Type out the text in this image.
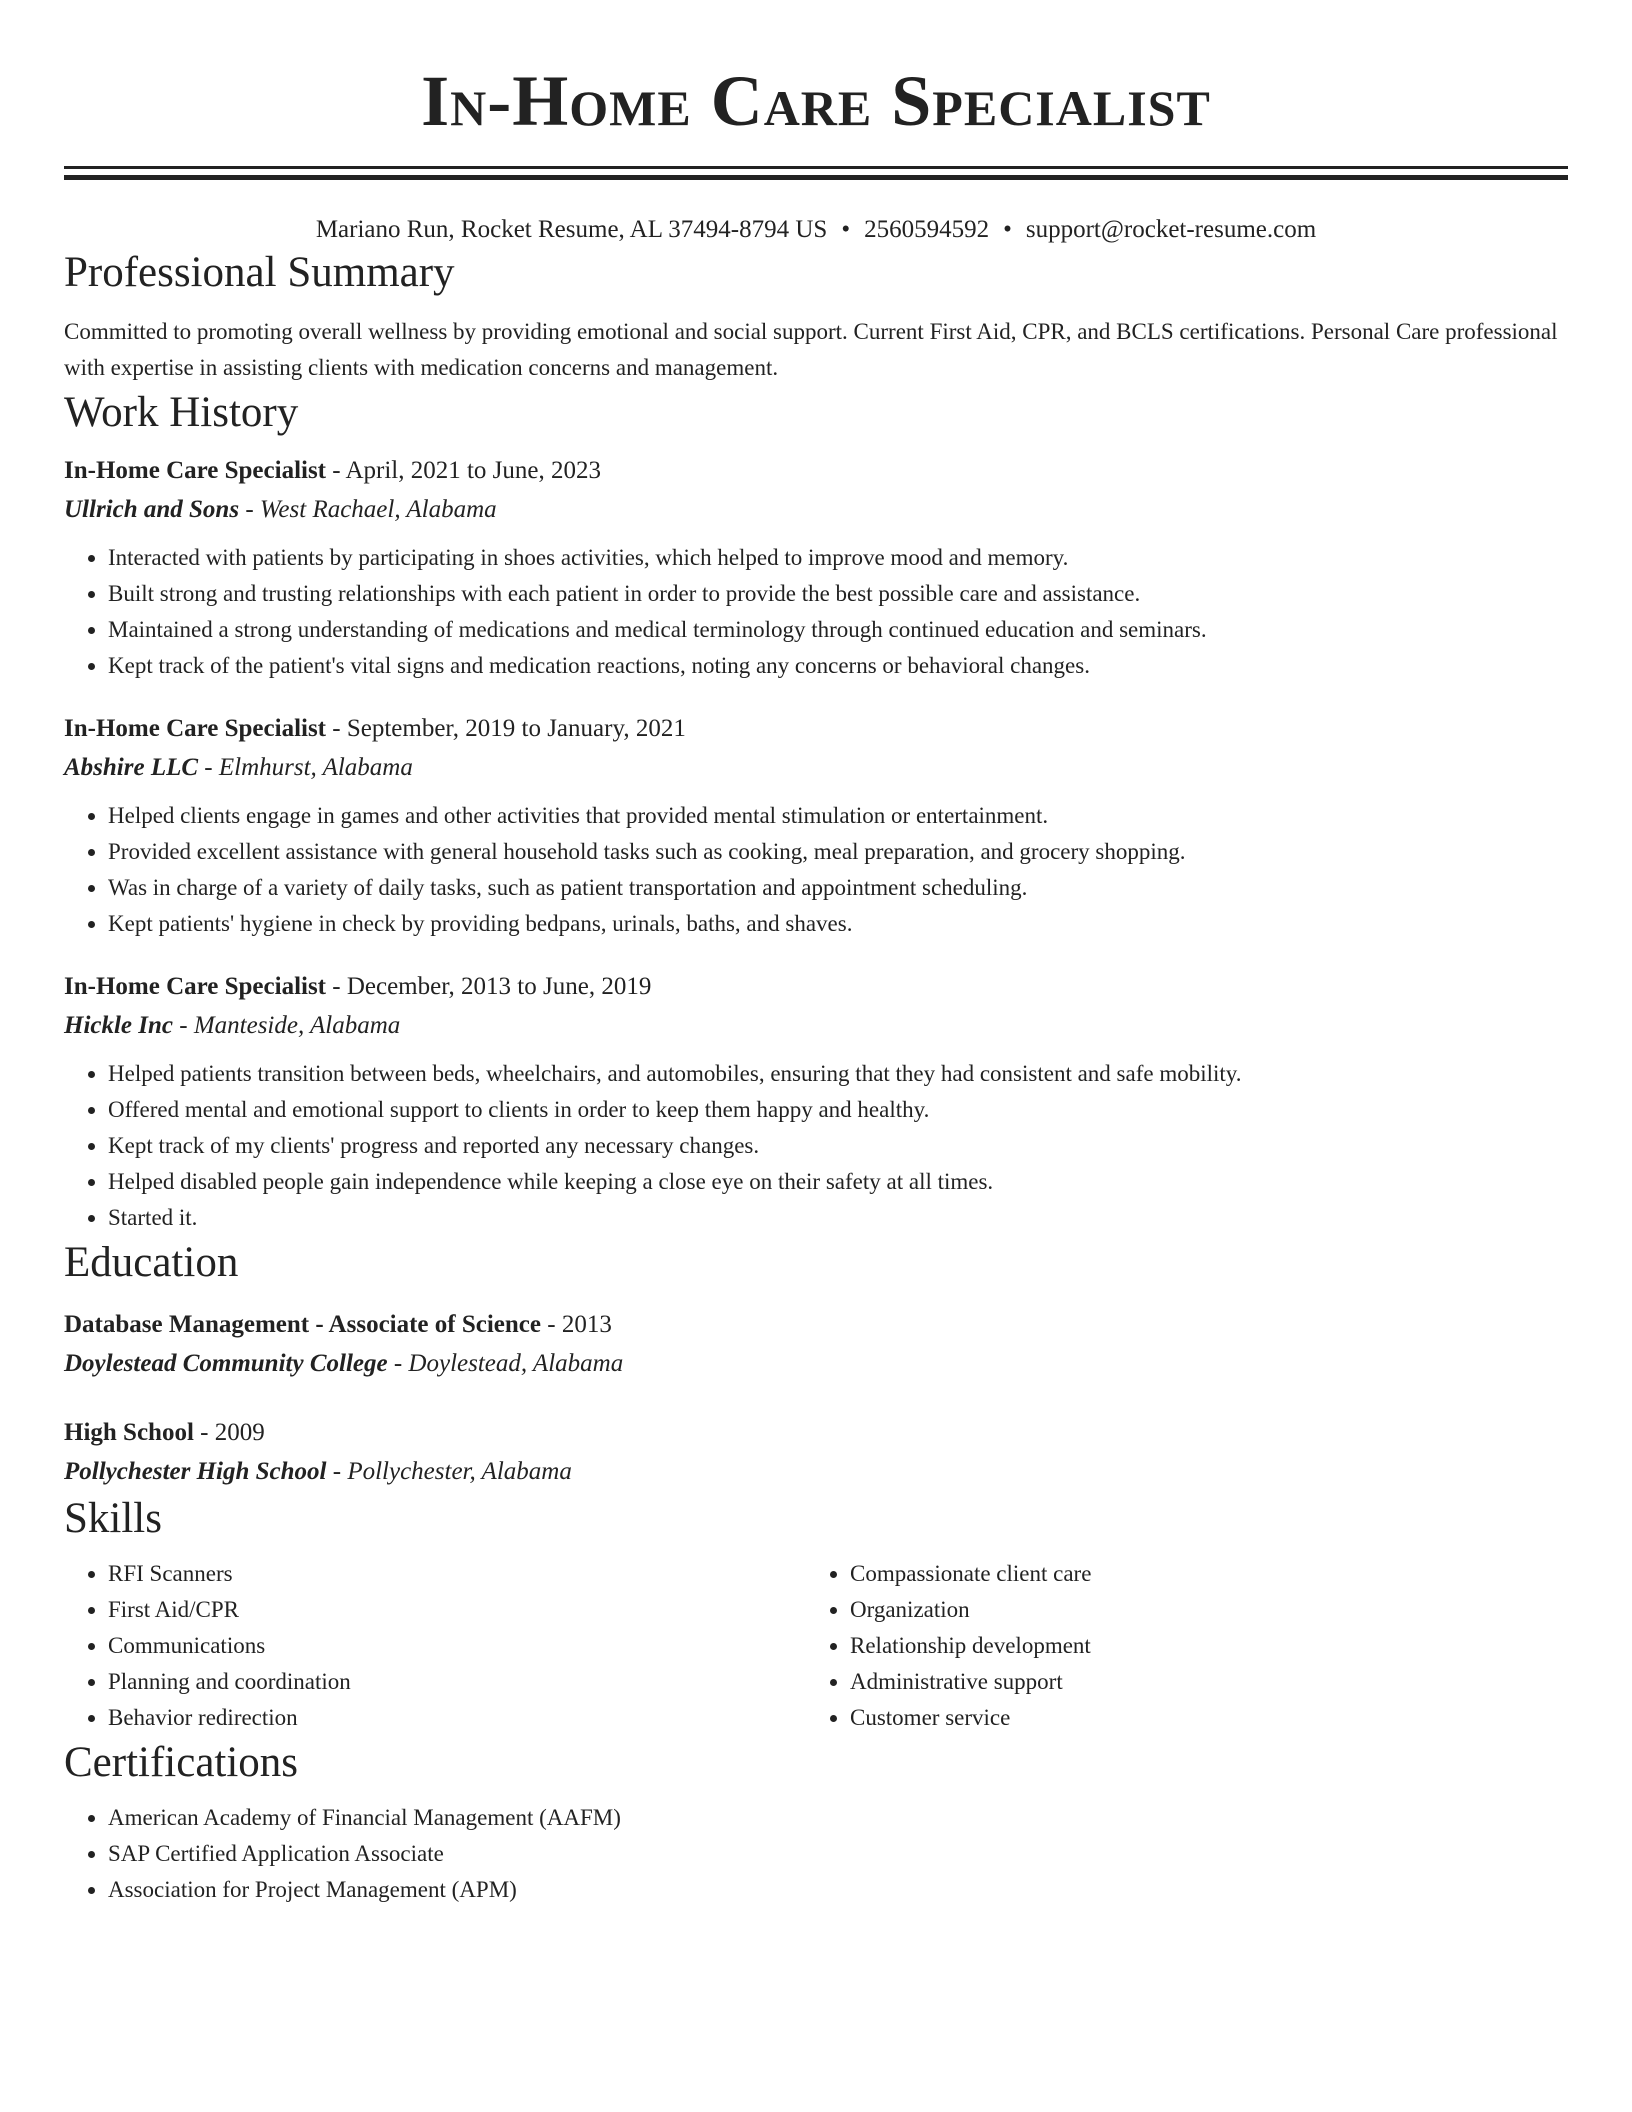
In-Home Care Specialist
Mariano Run, Rocket Resume, AL 37494-8794 US • 2560594592 • support@rocket-resume.com
Professional Summary

Committed to promoting overall wellness by providing emotional and social support. Current First Aid, CPR, and BCLS certifications. Personal Care professional with expertise in assisting clients with medication concerns and management.

Work History
In-Home Care Specialist - April, 2021 to June, 2023
Ullrich and Sons - West Rachael, Alabama
• Interacted with patients by participating in shoes activities, which helped to improve mood and memory.
• Built strong and trusting relationships with each patient in order to provide the best possible care and assistance.
• Maintained a strong understanding of medications and medical terminology through continued education and seminars.
• Kept track of the patient's vital signs and medication reactions, noting any concerns or behavioral changes.
In-Home Care Specialist - September, 2019 to January, 2021
Abshire LLC - Elmhurst, Alabama
• Helped clients engage in games and other activities that provided mental stimulation or entertainment.
• Provided excellent assistance with general household tasks such as cooking, meal preparation, and grocery shopping.
• Was in charge of a variety of daily tasks, such as patient transportation and appointment scheduling.
• Kept patients' hygiene in check by providing bedpans, urinals, baths, and shaves.
In-Home Care Specialist - December, 2013 to June, 2019
Hickle Inc - Manteside, Alabama
• Helped patients transition between beds, wheelchairs, and automobiles, ensuring that they had consistent and safe mobility.
• Offered mental and emotional support to clients in order to keep them happy and healthy.
• Kept track of my clients' progress and reported any necessary changes.
• Helped disabled people gain independence while keeping a close eye on their safety at all times.
• Started it.
Education
Database Management - Associate of Science - 2013
Doylestead Community College - Doylestead, Alabama
High School - 2009
Pollychester High School - Pollychester, Alabama
Skills
• RFI Scanners
• First Aid/CPR
• Communications
• Planning and coordination
• Behavior redirection
• Compassionate client care
• Organization
• Relationship development
• Administrative support
• Customer service
Certifications
• American Academy of Financial Management (AAFM)
• SAP Certified Application Associate
• Association for Project Management (APM)
